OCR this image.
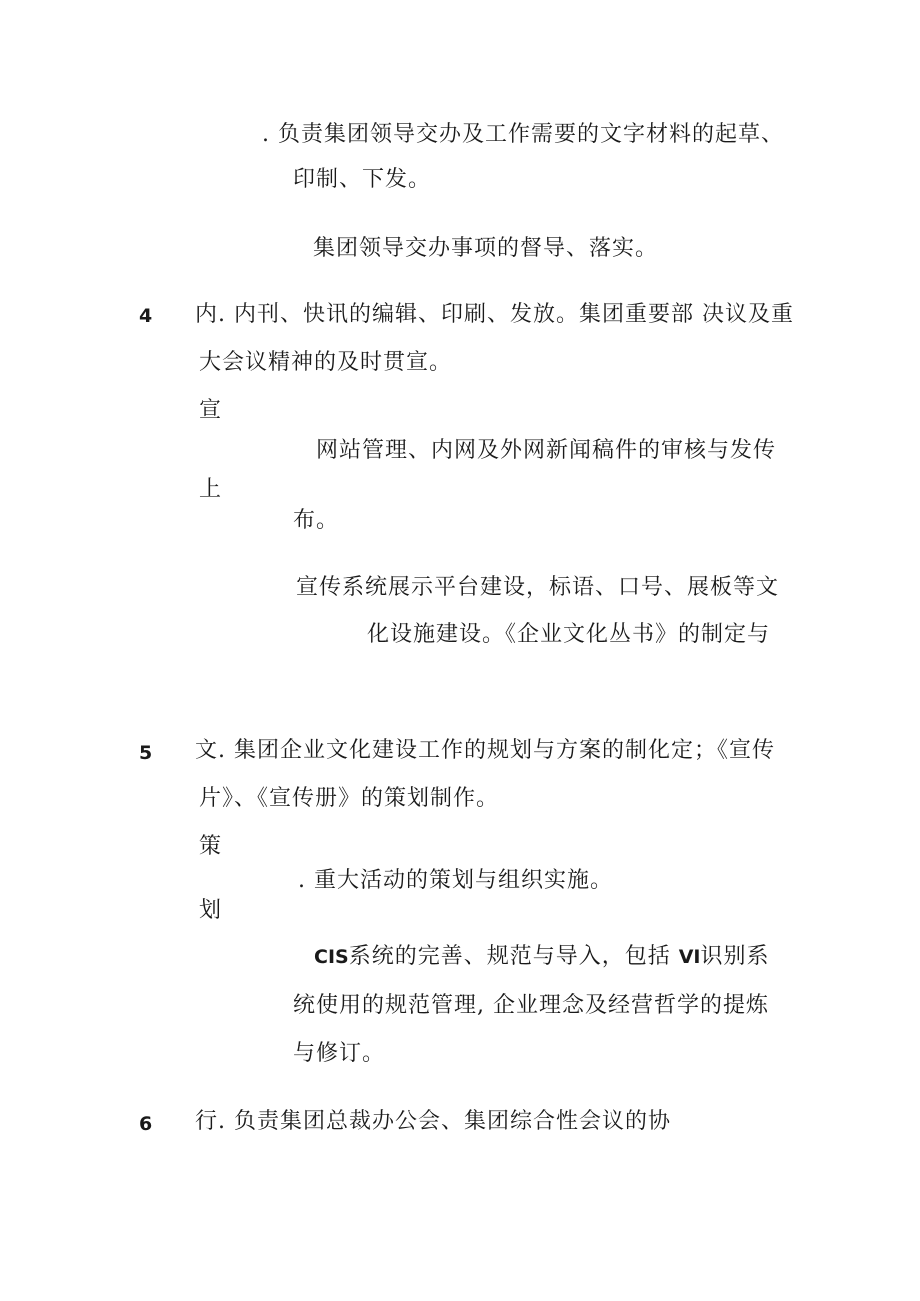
. 负责集团领导交办及工作需要的文字材料的起草、
印制、下发。
集团领导交办事项的督导、落实。
4 内. 内刊、快讯的编辑、印刷、发放。集团重要部 决议及重
大会议精神的及时贯宣。
宣
网站管理、内网及外网新闻稿件的审核与发传
上
布。
宣传系统展示平台建设，标语、口号、展板等文
化设施建设。《企业文化丛书》的制定与
5 文. 集团企业文化建设工作的规划与方案的制化定；《宣传
片》、《宣传册》的策划制作。
策
. 重大活动的策划与组织实施。
划
CIS系统的完善、规范与导入，包括 VI识别系
统使用的规范管理, 企业理念及经营哲学的提炼
与修订。
6 行. 负责集团总裁办公会、集团综合性会议的协
